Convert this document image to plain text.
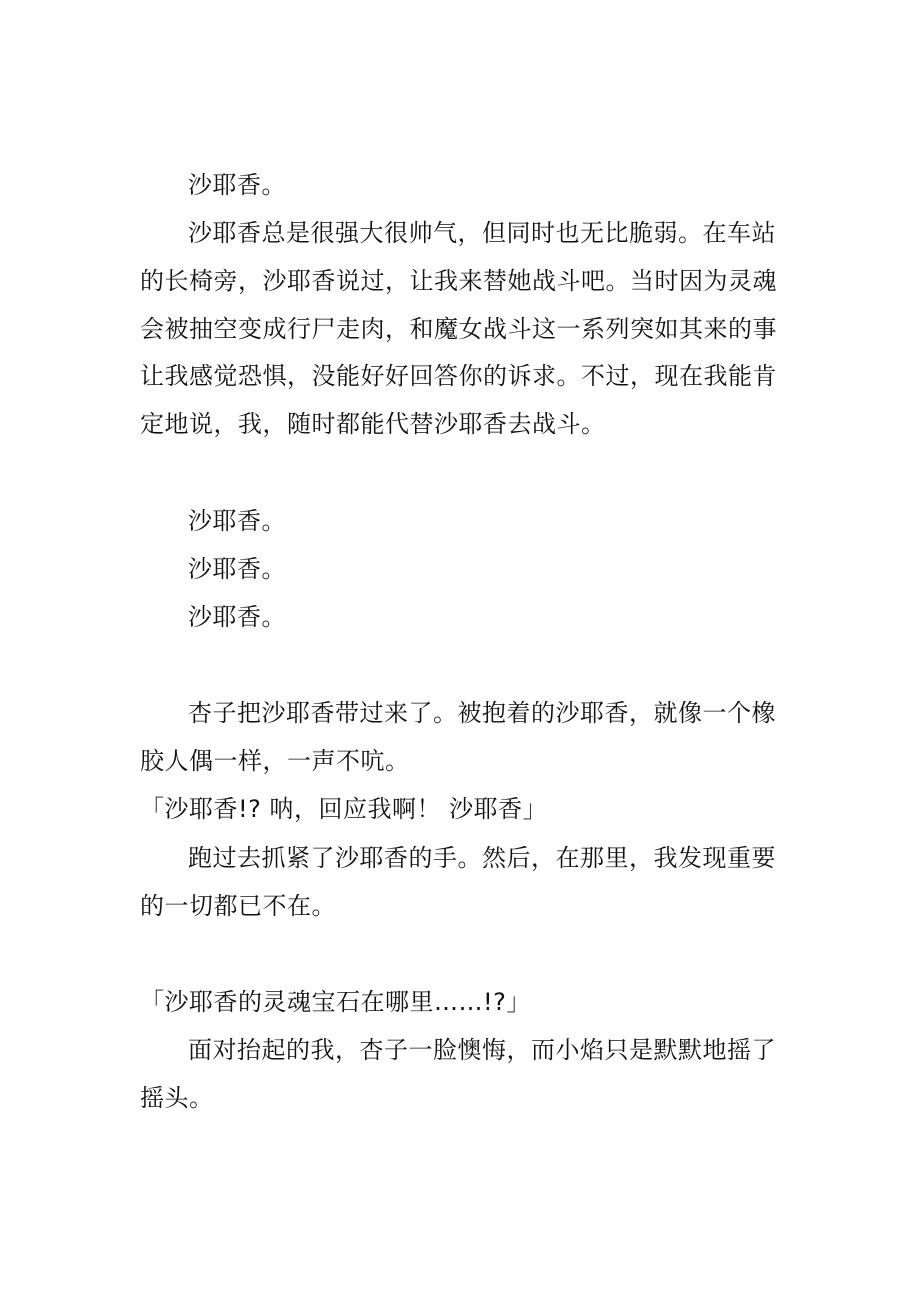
沙耶香。
沙耶香总是很强大很帅气，但同时也无比脆弱。在车站
的长椅旁，沙耶香说过，让我来替她战斗吧。当时因为灵魂
会被抽空变成行尸走肉，和魔女战斗这一系列突如其来的事
让我感觉恐惧，没能好好回答你的诉求。不过，现在我能肯
定地说，我，随时都能代替沙耶香去战斗。
沙耶香。
沙耶香。
沙耶香。
杏子把沙耶香带过来了。被抱着的沙耶香，就像一个橡
胶人偶一样，一声不吭。
「沙耶香!? 呐，回应我啊！ 沙耶香」
跑过去抓紧了沙耶香的手。然后，在那里，我发现重要
的一切都已不在。
「沙耶香的灵魂宝石在哪里……!?」
面对抬起的我，杏子一脸懊悔，而小焰只是默默地摇了
摇头。
